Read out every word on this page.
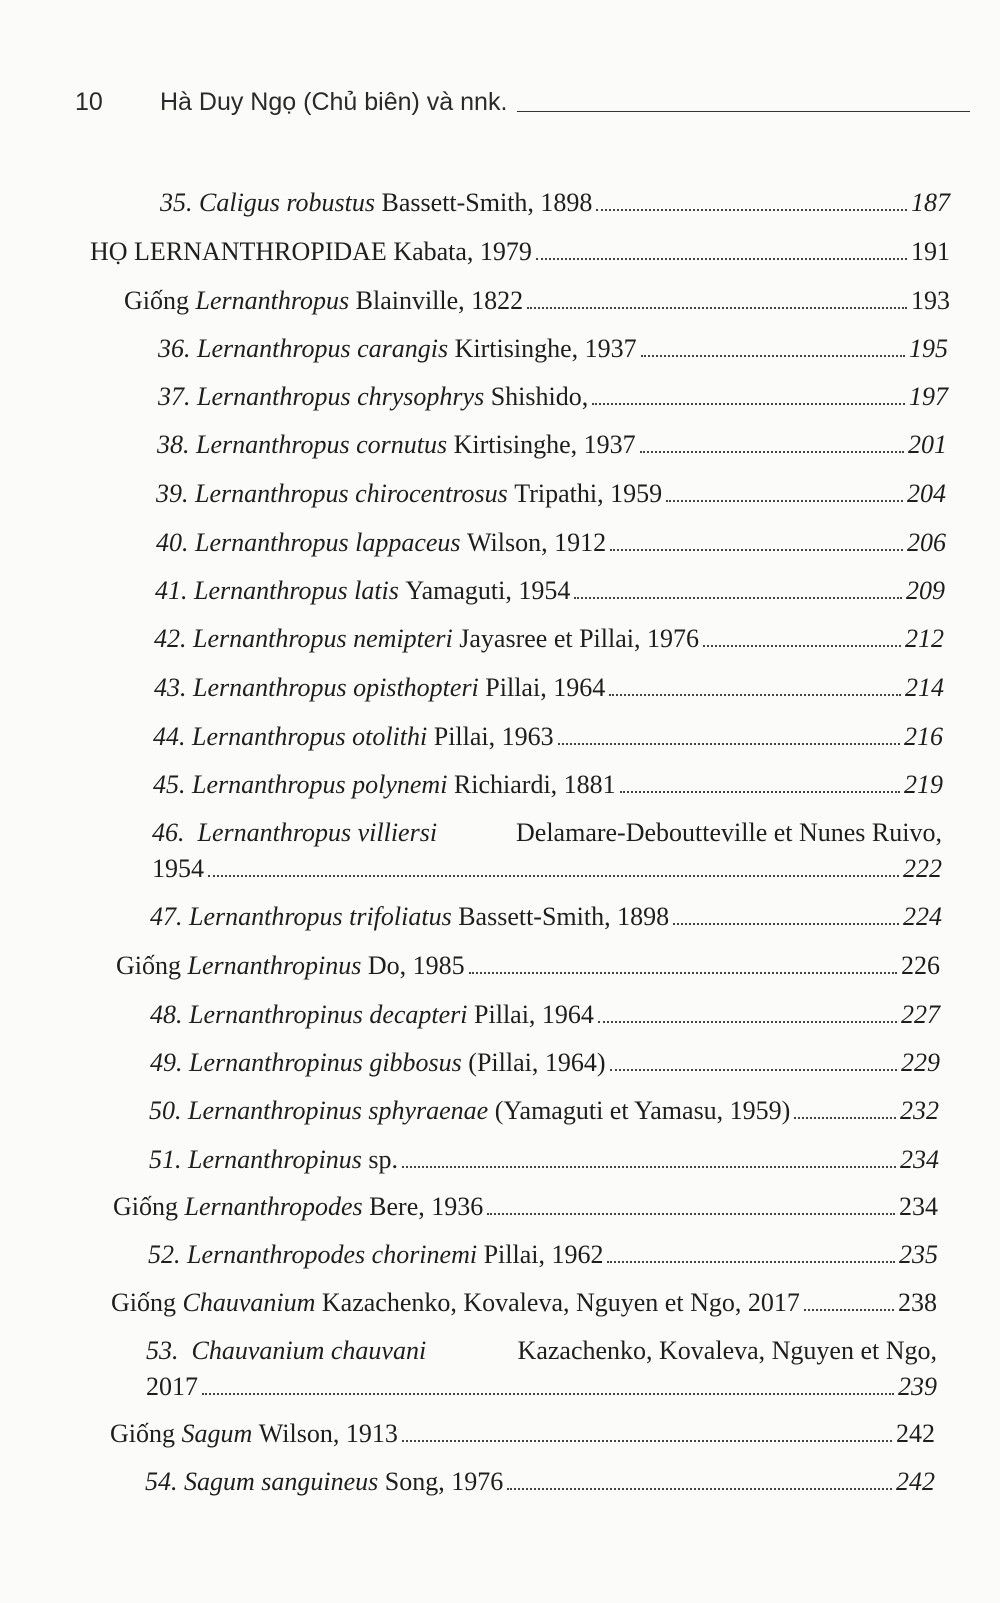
10	Hà Duy Ngọ (Chủ biên) và nnk.
35. Caligus robustus Bassett-Smith, 1898	187
HỌ LERNANTHROPIDAE Kabata, 1979	191
Giống Lernanthropus Blainville, 1822	193
36. Lernanthropus carangis Kirtisinghe, 1937	195
37. Lernanthropus chrysophrys Shishido,	197
38. Lernanthropus cornutus Kirtisinghe, 1937	201
39. Lernanthropus chirocentrosus Tripathi, 1959	204
40. Lernanthropus lappaceus Wilson, 1912	206
41. Lernanthropus latis Yamaguti, 1954	209
42. Lernanthropus nemipteri Jayasree et Pillai, 1976	212
43. Lernanthropus opisthopteri Pillai, 1964	214
44. Lernanthropus otolithi Pillai, 1963	216
45. Lernanthropus polynemi Richiardi, 1881	219
46. Lernanthropus villiersi	Delamare-Deboutteville et Nunes Ruivo,
1954	222
47. Lernanthropus trifoliatus Bassett-Smith, 1898	224
Giống Lernanthropinus Do, 1985	226
48. Lernanthropinus decapteri Pillai, 1964	227
49. Lernanthropinus gibbosus (Pillai, 1964)	229
50. Lernanthropinus sphyraenae (Yamaguti et Yamasu, 1959)	232
51. Lernanthropinus sp.	234
Giống Lernanthropodes Bere, 1936	234
52. Lernanthropodes chorinemi Pillai, 1962	235
Giống Chauvanium Kazachenko, Kovaleva, Nguyen et Ngo, 2017	238
53. Chauvanium chauvani	Kazachenko, Kovaleva, Nguyen et Ngo,
2017	239
Giống Sagum Wilson, 1913	242
54. Sagum sanguineus Song, 1976	242
